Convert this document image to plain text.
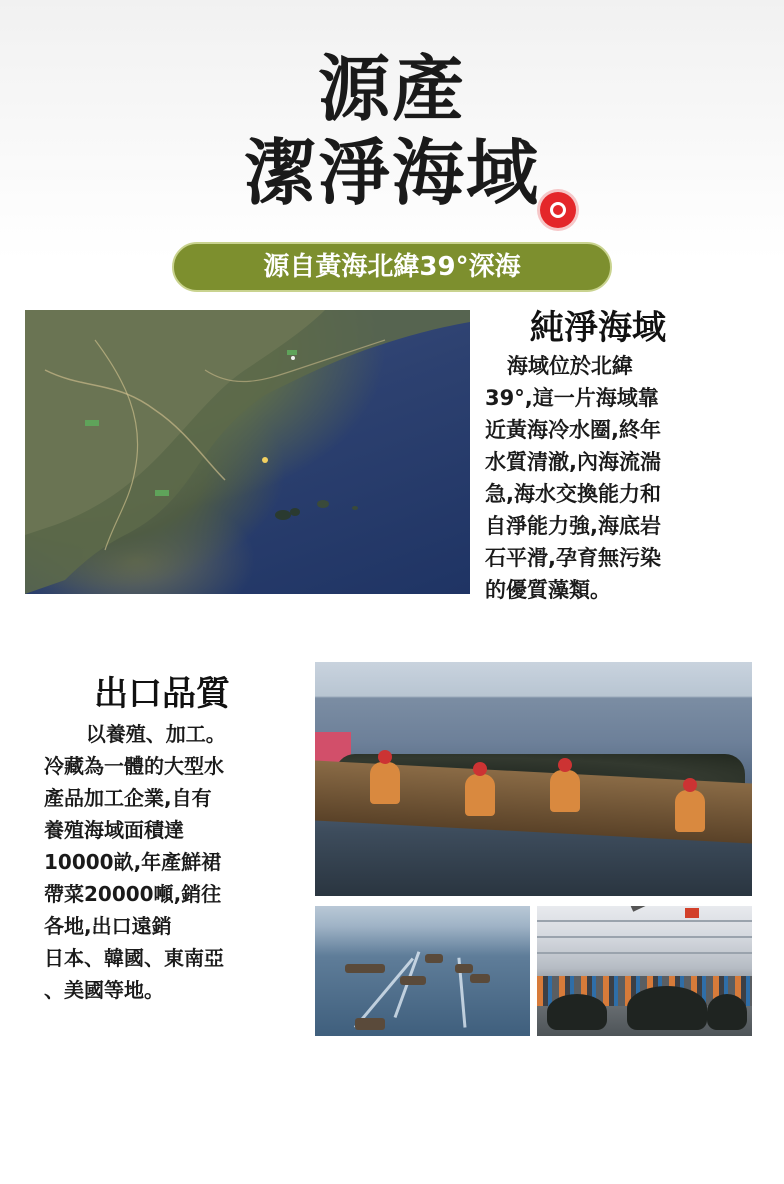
源產
潔淨海域
源自黃海北緯39°深海
純淨海域
海域位於北緯
39°,這一片海域靠
近黃海冷水圈,終年
水質清澈,內海流湍
急,海水交換能力和
自淨能力強,海底岩
石平滑,孕育無污染
的優質藻類。
出口品質
以養殖、加工。
冷藏為一體的大型水
產品加工企業,自有
養殖海域面積達
10000畝,年產鮮裙
帶菜20000噸,銷往
各地,出口遠銷
日本、韓國、東南亞
、美國等地。
